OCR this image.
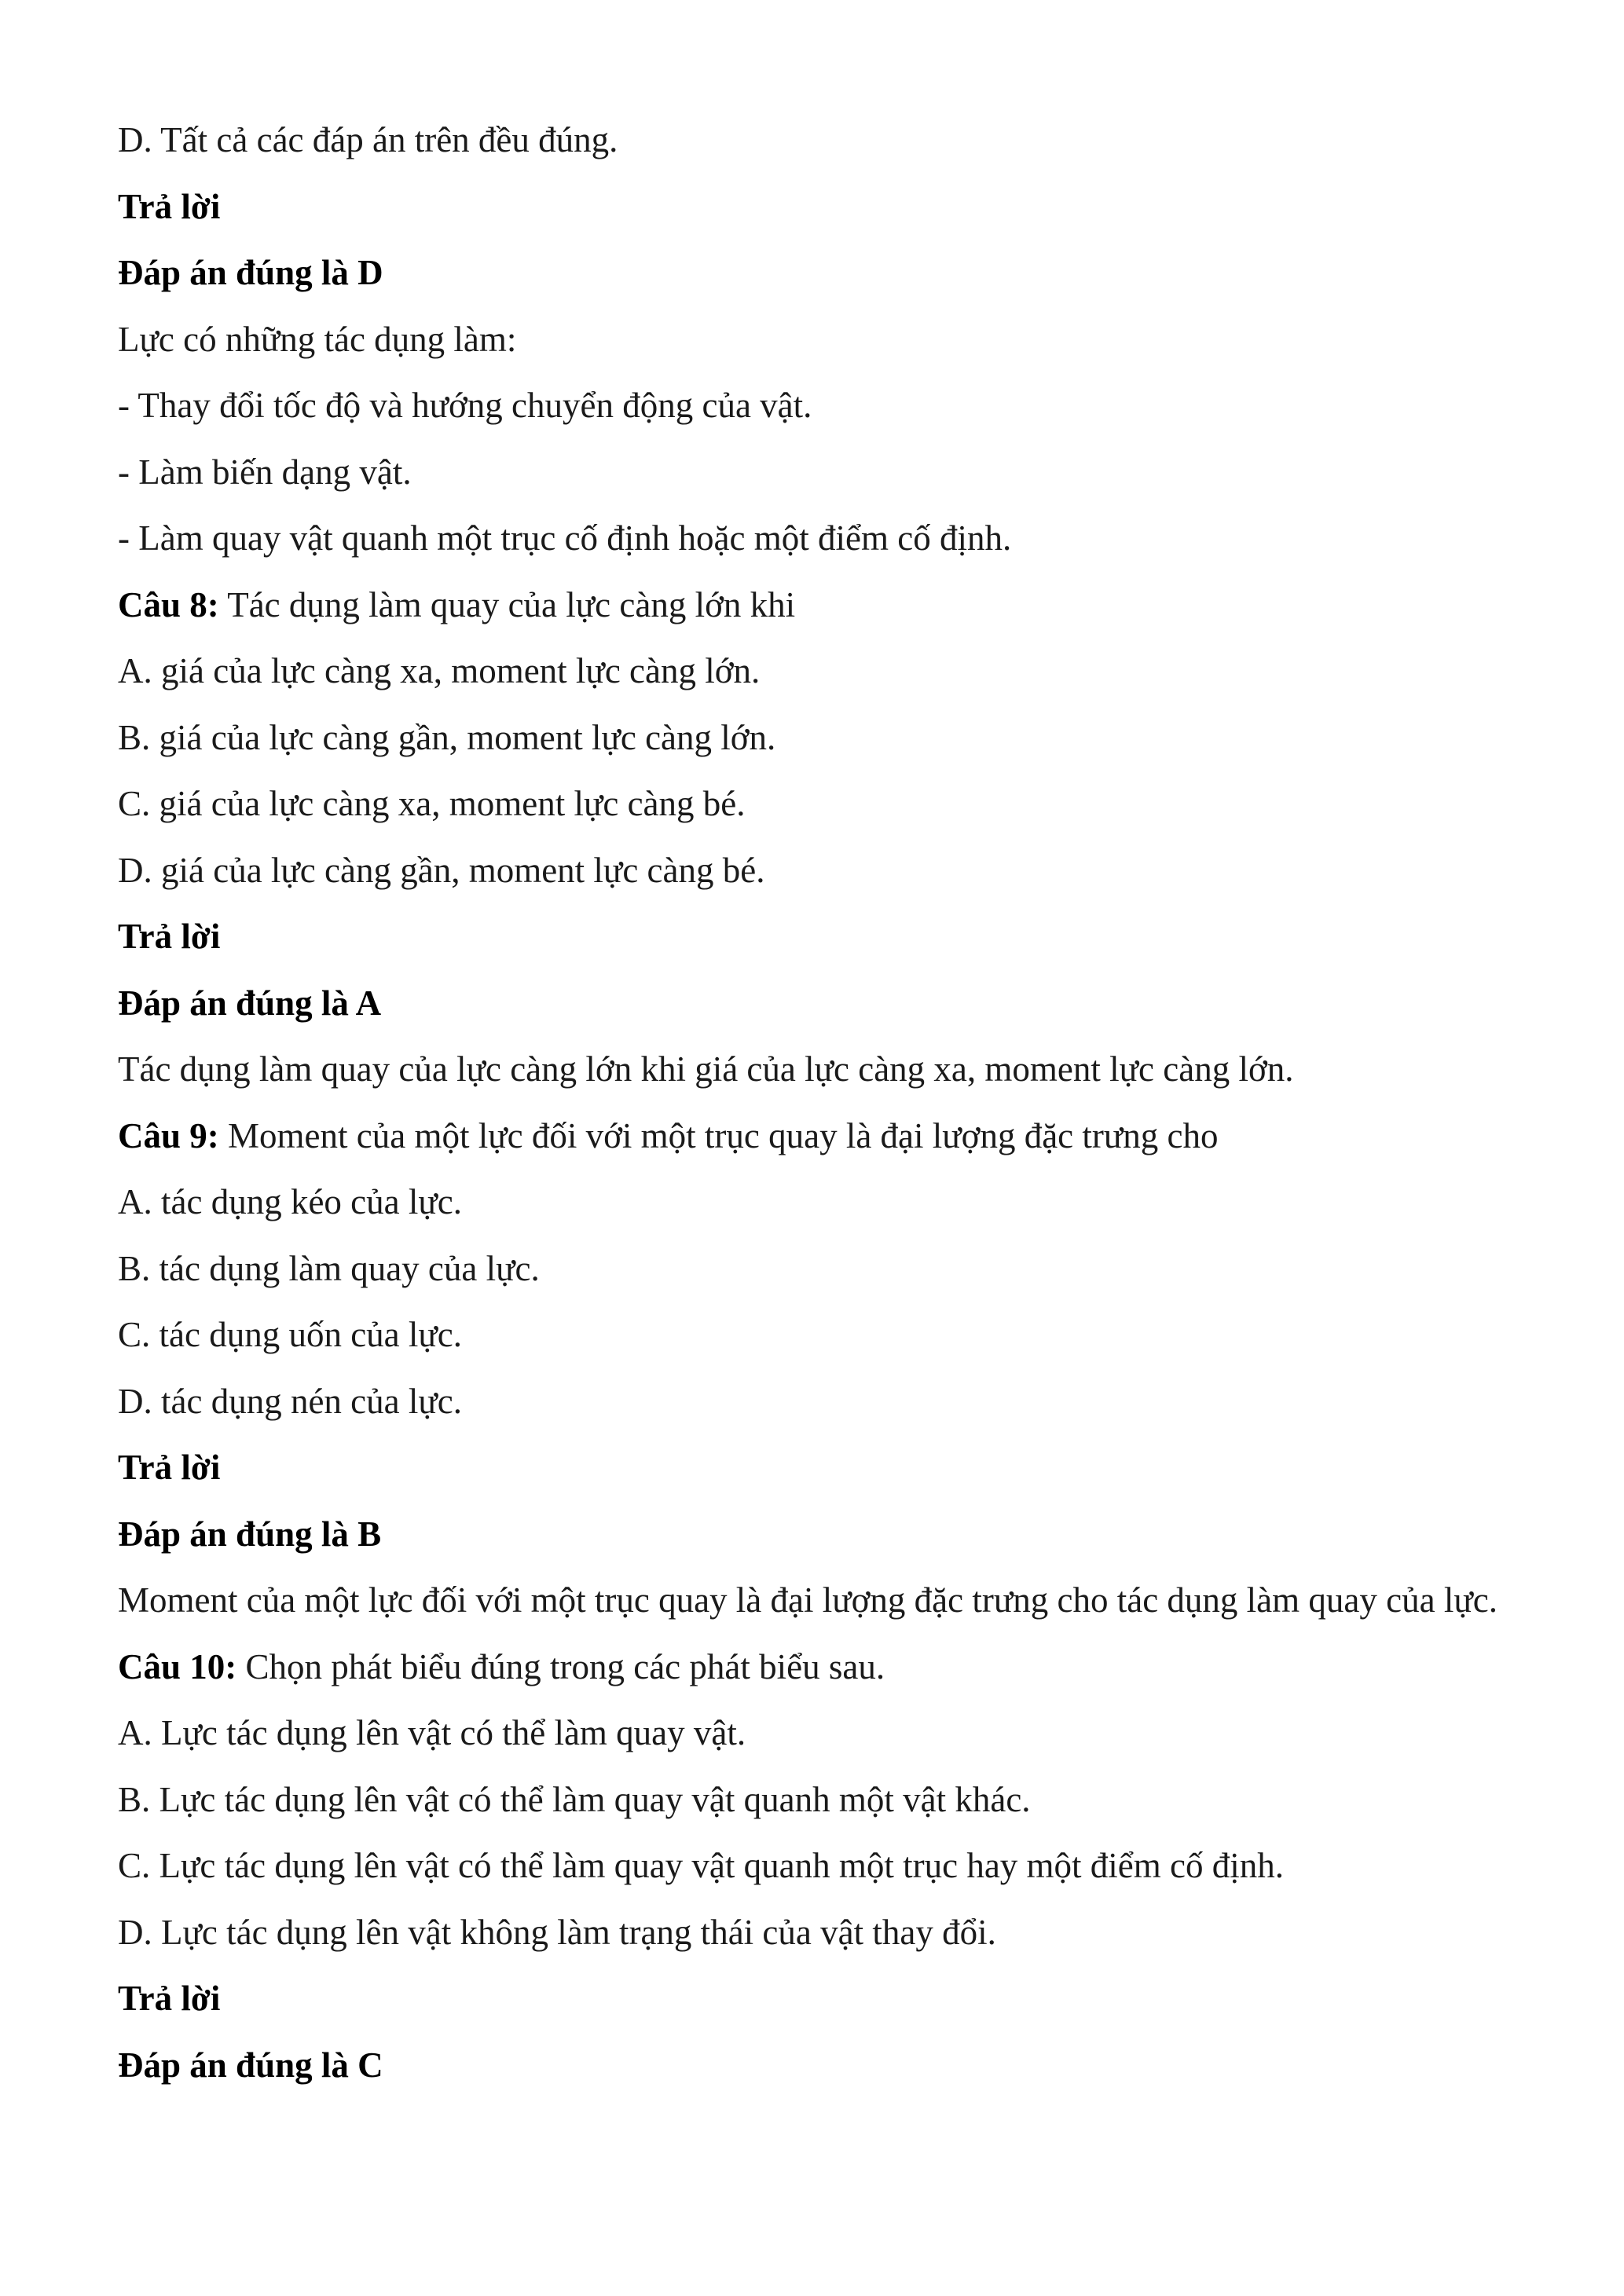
D. Tất cả các đáp án trên đều đúng.

Trả lời

Đáp án đúng là D

Lực có những tác dụng làm:

- Thay đổi tốc độ và hướng chuyển động của vật.

- Làm biến dạng vật.

- Làm quay vật quanh một trục cố định hoặc một điểm cố định.

Câu 8: Tác dụng làm quay của lực càng lớn khi

A. giá của lực càng xa, moment lực càng lớn.

B. giá của lực càng gần, moment lực càng lớn.

C. giá của lực càng xa, moment lực càng bé.

D. giá của lực càng gần, moment lực càng bé.

Trả lời

Đáp án đúng là A

Tác dụng làm quay của lực càng lớn khi giá của lực càng xa, moment lực càng lớn.

Câu 9: Moment của một lực đối với một trục quay là đại lượng đặc trưng cho

A. tác dụng kéo của lực.

B. tác dụng làm quay của lực.

C. tác dụng uốn của lực.

D. tác dụng nén của lực.

Trả lời

Đáp án đúng là B

Moment của một lực đối với một trục quay là đại lượng đặc trưng cho tác dụng làm quay của lực.

Câu 10: Chọn phát biểu đúng trong các phát biểu sau.

A. Lực tác dụng lên vật có thể làm quay vật.

B. Lực tác dụng lên vật có thể làm quay vật quanh một vật khác.

C. Lực tác dụng lên vật có thể làm quay vật quanh một trục hay một điểm cố định.

D. Lực tác dụng lên vật không làm trạng thái của vật thay đổi.

Trả lời

Đáp án đúng là C
